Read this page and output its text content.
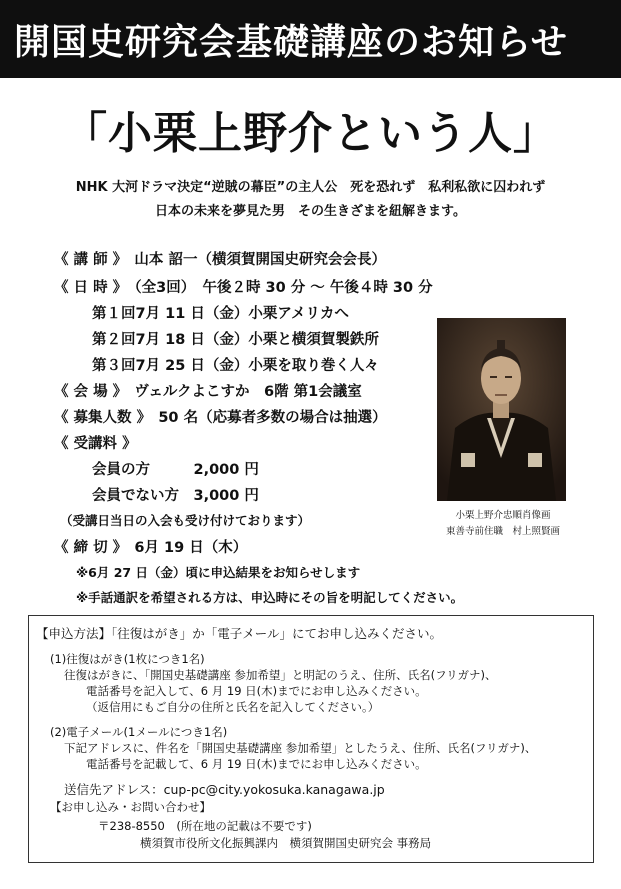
開国史研究会基礎講座のお知らせ
「小栗上野介という人」
NHK 大河ドラマ決定“逆賊の幕臣”の主人公　死を恐れず　私利私欲に囚われず
日本の未来を夢見た男　その生きざまを紐解きます。
《 講 師 》　山本 詔一（横須賀開国史研究会会長）
《 日 時 》　（全3回）　午後２時 30 分 ～ 午後４時 30 分
第１回7月 11 日（金）小栗アメリカへ
第２回7月 18 日（金）小栗と横須賀製鉄所
第３回7月 25 日（金）小栗を取り巻く人々
《 会 場 》　ヴェルクよこすか　6階 第1会議室
《 募集人数 》　50 名（応募者多数の場合は抽選）
《 受講料 》
会員の方　　　2,000 円
会員でない方　3,000 円
（受講日当日の入会も受け付けております）
《 締 切 》　6月 19 日（木）
※6月 27 日（金）頃に申込結果をお知らせします
※手話通訳を希望される方は、申込時にその旨を明記してください。
小栗上野介忠順肖像画
東善寺前住職　村上照賢画
【申込方法】「往復はがき」か「電子メール」にてお申し込みください。
(1)往復はがき(1枚につき1名)
往復はがきに、「開国史基礎講座 参加希望」と明記のうえ、住所、氏名(フリガナ)、
電話番号を記入して、6 月 19 日(木)までにお申し込みください。
（返信用にもご自分の住所と氏名を記入してください。）
(2)電子メール(1メールにつき1名)
下記アドレスに、件名を「開国史基礎講座 参加希望」としたうえ、住所、氏名(フリガナ)、
電話番号を記載して、6 月 19 日(木)までにお申し込みください。
送信先アドレス：cup-pc@city.yokosuka.kanagawa.jp
【お申し込み・お問い合わせ】
〒238-8550　(所在地の記載は不要です)
横須賀市役所文化振興課内　横須賀開国史研究会 事務局
